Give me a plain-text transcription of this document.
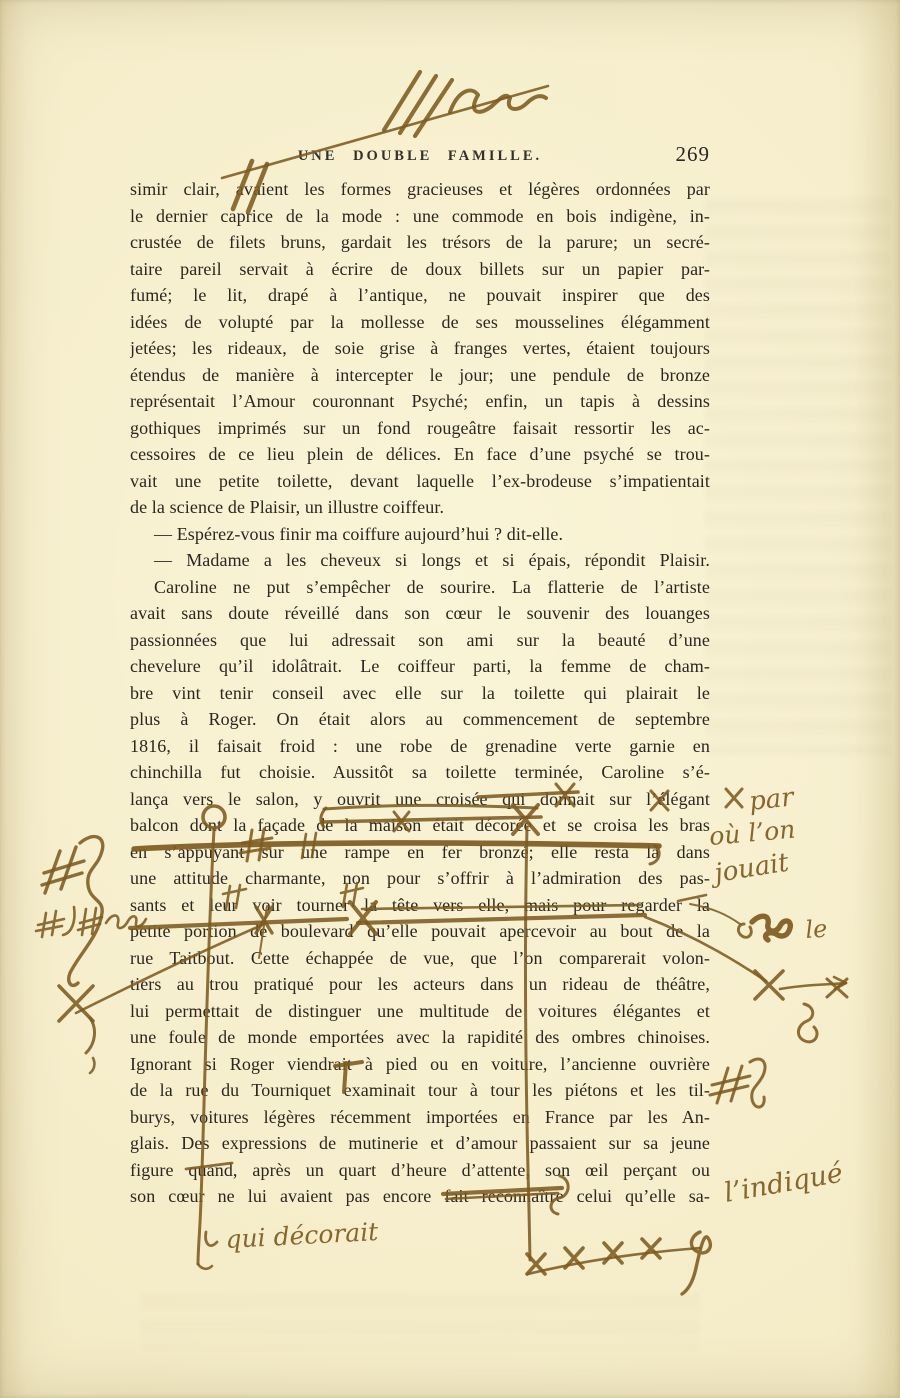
UNE DOUBLE FAMILLE.	269
simir clair, avaient les formes gracieuses et légères ordonnées par
le dernier caprice de la mode : une commode en bois indigène, in-
crustée de filets bruns, gardait les trésors de la parure; un secré-
taire pareil servait à écrire de doux billets sur un papier par-
fumé; le lit, drapé à l’antique, ne pouvait inspirer que des
idées de volupté par la mollesse de ses mousselines élégamment
jetées; les rideaux, de soie grise à franges vertes, étaient toujours
étendus de manière à intercepter le jour; une pendule de bronze
représentait l’Amour couronnant Psyché; enfin, un tapis à dessins
gothiques imprimés sur un fond rougeâtre faisait ressortir les ac-
cessoires de ce lieu plein de délices. En face d’une psyché se trou-
vait une petite toilette, devant laquelle l’ex-brodeuse s’impatientait
de la science de Plaisir, un illustre coiffeur.
— Espérez-vous finir ma coiffure aujourd’hui ? dit-elle.
— Madame a les cheveux si longs et si épais, répondit Plaisir.
Caroline ne put s’empêcher de sourire. La flatterie de l’artiste
avait sans doute réveillé dans son cœur le souvenir des louanges
passionnées que lui adressait son ami sur la beauté d’une
chevelure qu’il idolâtrait. Le coiffeur parti, la femme de cham-
bre vint tenir conseil avec elle sur la toilette qui plairait le
plus à Roger. On était alors au commencement de septembre
1816, il faisait froid : une robe de grenadine verte garnie en
chinchilla fut choisie. Aussitôt sa toilette terminée, Caroline s’é-
lança vers le salon, y ouvrit une croisée qui donnait sur l’élégant
balcon dont la façade de la maison était décorée et se croisa les bras
en s’appuyant sur une rampe en fer bronzé; elle resta là dans
une attitude charmante, non pour s’offrir à l’admiration des pas-
sants et leur voir tourner la tête vers elle, mais pour regarder la
petite portion de boulevard qu’elle pouvait apercevoir au bout de la
rue Taitbout. Cette échappée de vue, que l’on comparerait volon-
tiers au trou pratiqué pour les acteurs dans un rideau de théâtre,
lui permettait de distinguer une multitude de voitures élégantes et
une foule de monde emportées avec la rapidité des ombres chinoises.
Ignorant si Roger viendrait à pied ou en voiture, l’ancienne ouvrière
de la rue du Tourniquet examinait tour à tour les piétons et les til-
burys, voitures légères récemment importées en France par les An-
glais. Des expressions de mutinerie et d’amour passaient sur sa jeune
figure quand, après un quart d’heure d’attente, son œil perçant ou
son cœur ne lui avaient pas encore fait reconnaître celui qu’elle sa-
par
où l’on
jouait
le
l’indiqué
qui décorait
